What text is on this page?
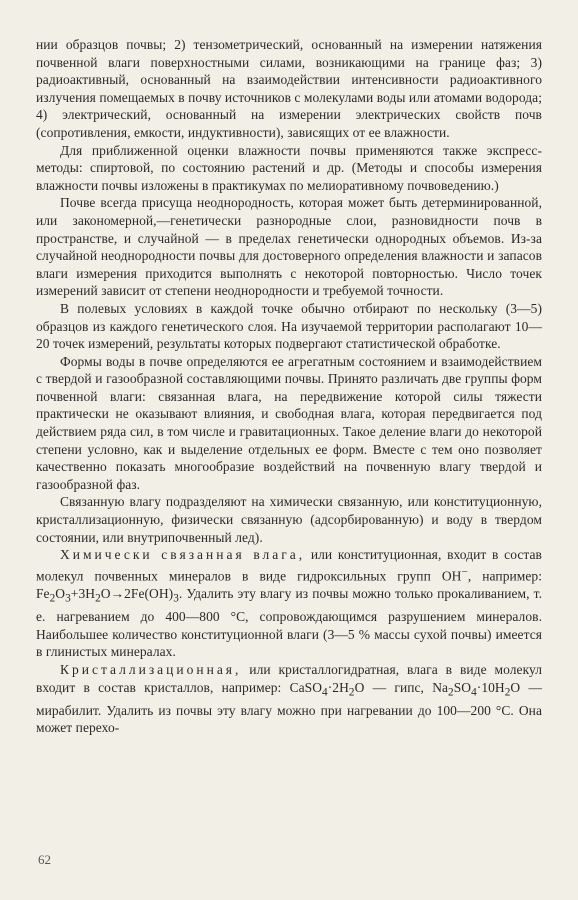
нии образцов почвы; 2) тензометрический, основанный на измерении натяжения почвенной влаги поверхностными силами, возникающими на границе фаз; 3) радиоактивный, основанный на взаимодействии интенсивности радиоактивного излучения помещаемых в почву источников с молекулами воды или атомами водорода; 4) электрический, основанный на измерении электрических свойств почв (сопротивления, емкости, индуктивности), зависящих от ее влажности.

Для приближенной оценки влажности почвы применяются также экспресс-методы: спиртовой, по состоянию растений и др. (Методы и способы измерения влажности почвы изложены в практикумах по мелиоративному почвоведению.)

Почве всегда присуща неоднородность, которая может быть детерминированной, или закономерной,—генетически разнородные слои, разновидности почв в пространстве, и случайной — в пределах генетически однородных объемов. Из-за случайной неоднородности почвы для достоверного определения влажности и запасов влаги измерения приходится выполнять с некоторой повторностью. Число точек измерений зависит от степени неоднородности и требуемой точности.

В полевых условиях в каждой точке обычно отбирают по нескольку (3—5) образцов из каждого генетического слоя. На изучаемой территории располагают 10—20 точек измерений, результаты которых подвергают статистической обработке.

Формы воды в почве определяются ее агрегатным состоянием и взаимодействием с твердой и газообразной составляющими почвы. Принято различать две группы форм почвенной влаги: связанная влага, на передвижение которой силы тяжести практически не оказывают влияния, и свободная влага, которая передвигается под действием ряда сил, в том числе и гравитационных. Такое деление влаги до некоторой степени условно, как и выделение отдельных ее форм. Вместе с тем оно позволяет качественно показать многообразие воздействий на почвенную влагу твердой и газообразной фаз.

Связанную влагу подразделяют на химически связанную, или конституционную, кристаллизационную, физически связанную (адсорбированную) и воду в твердом состоянии, или внутрипочвенный лед).

Химически связанная влага, или конституционная, входит в состав молекул почвенных минералов в виде гидроксильных групп OH−, например: $Fe_2O_3+3H_2O\to 2Fe(OH)_3$. Удалить эту влагу из почвы можно только прокаливанием, т. е. нагреванием до 400—800 °С, сопровождающимся разрушением минералов. Наибольшее количество конституционной влаги (3—5 % массы сухой почвы) имеется в глинистых минералах.

Кристаллизационная, или кристаллогидратная, влага в виде молекул входит в состав кристаллов, например: $CaSO_4\cdot 2H_2O$ — гипс, $Na_2SO_4\cdot 10H_2O$ — мирабилит. Удалить из почвы эту влагу можно при нагревании до 100—200 °С. Она может перехо-

62
